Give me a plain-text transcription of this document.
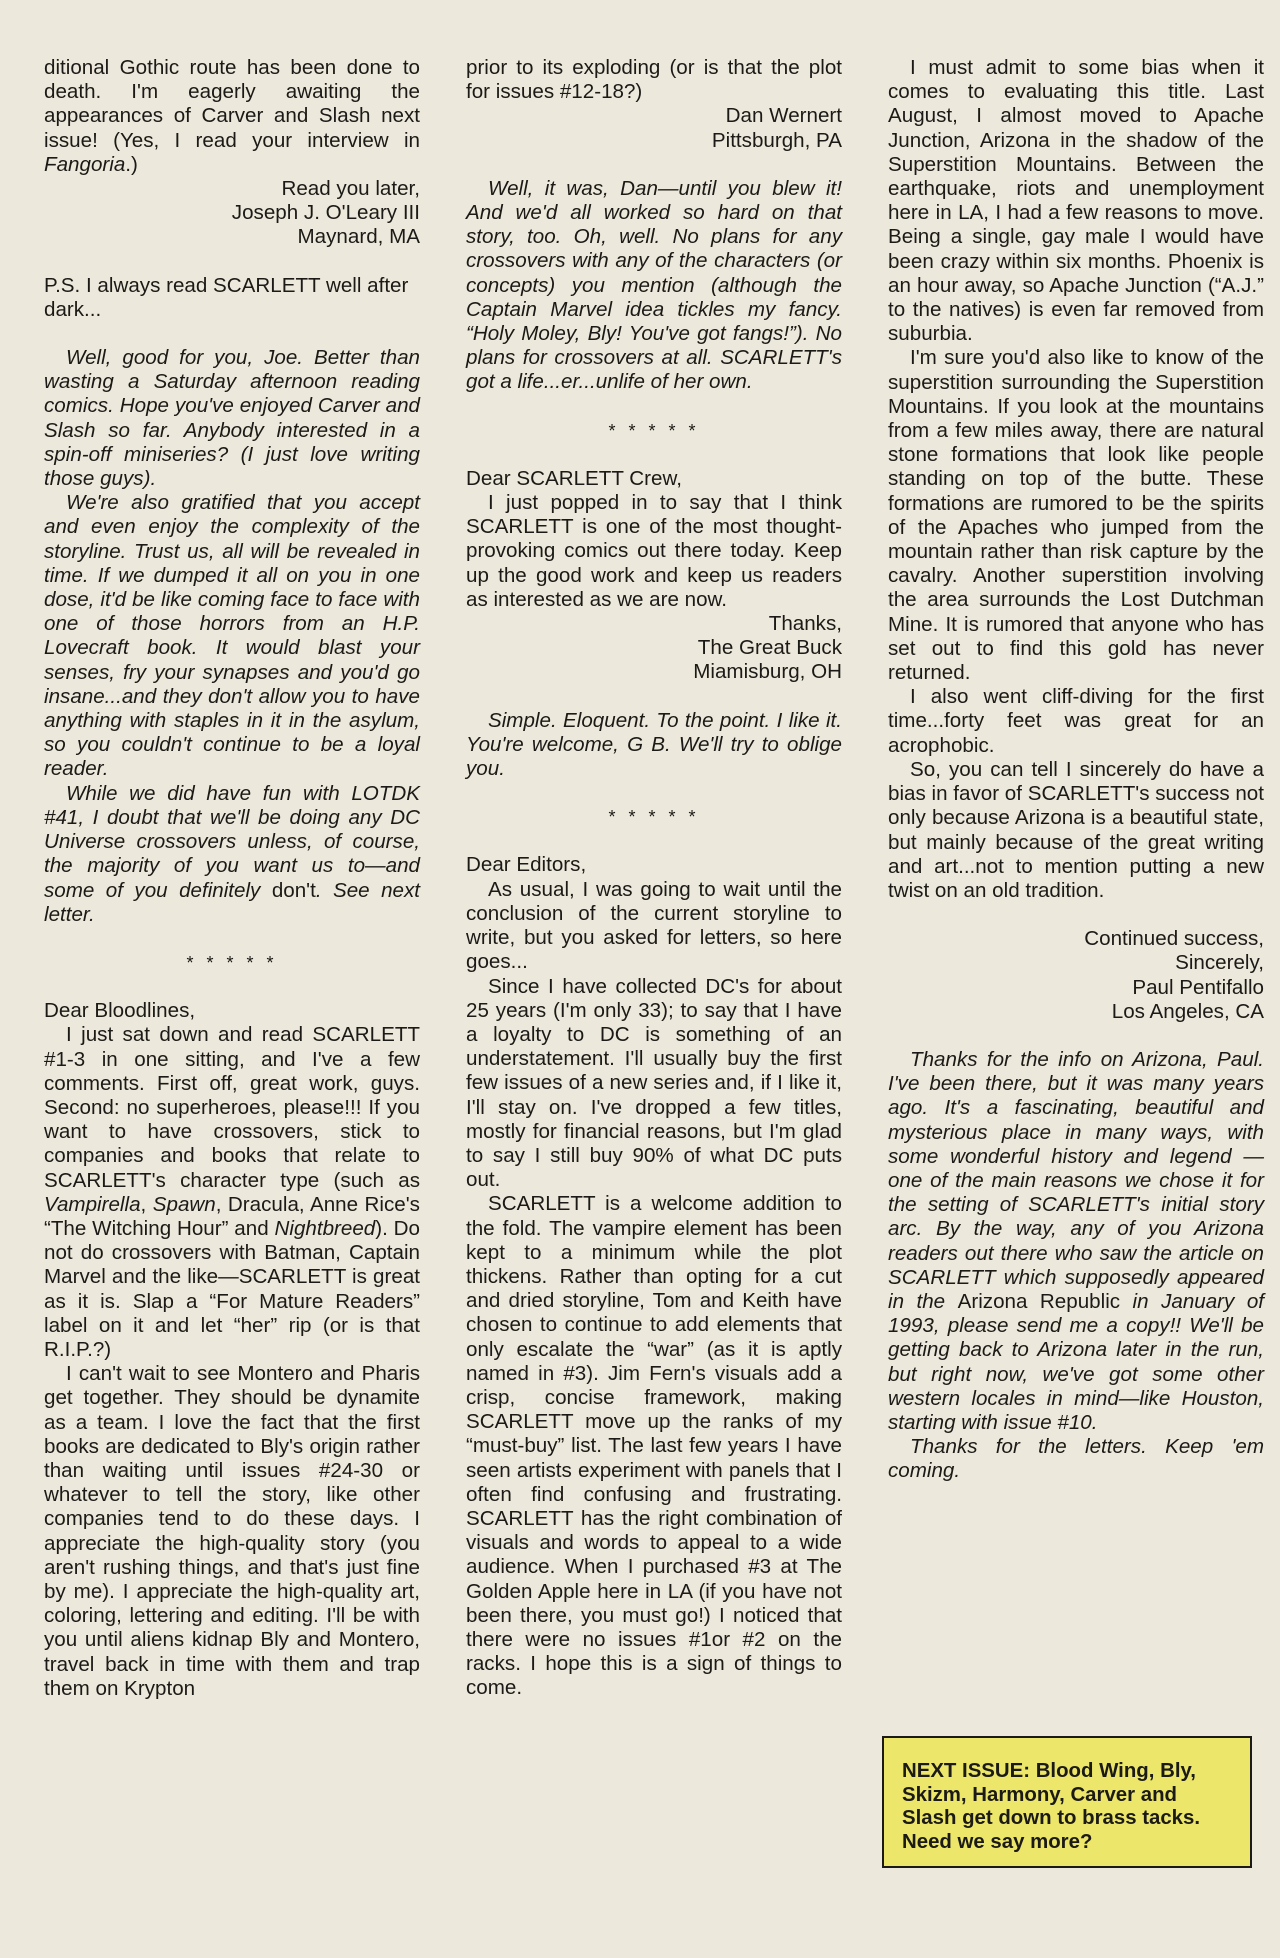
ditional Gothic route has been done to death. I'm eagerly awaiting the appearances of Carver and Slash next issue! (Yes, I read your interview in Fangoria.)

Read you later,
Joseph J. O'Leary III
Maynard, MA

P.S. I always read SCARLETT well after dark...

Well, good for you, Joe. Better than wasting a Saturday afternoon reading comics. Hope you've enjoyed Carver and Slash so far. Anybody interested in a spin-off miniseries? (I just love writing those guys).

We're also gratified that you accept and even enjoy the complexity of the storyline. Trust us, all will be revealed in time. If we dumped it all on you in one dose, it'd be like coming face to face with one of those horrors from an H.P. Lovecraft book. It would blast your senses, fry your synapses and you'd go insane...and they don't allow you to have anything with staples in it in the asylum, so you couldn't continue to be a loyal reader.

While we did have fun with LOTDK #41, I doubt that we'll be doing any DC Universe crossovers unless, of course, the majority of you want us to—and some of you definitely don't. See next letter.

* * * * *

Dear Bloodlines,

I just sat down and read SCARLETT #1-3 in one sitting, and I've a few comments. First off, great work, guys. Second: no superheroes, please!!! If you want to have crossovers, stick to companies and books that relate to SCARLETT's character type (such as Vampirella, Spawn, Dracula, Anne Rice's “The Witching Hour” and Nightbreed). Do not do crossovers with Batman, Captain Marvel and the like—SCARLETT is great as it is. Slap a “For Mature Readers” label on it and let “her” rip (or is that R.I.P.?)

I can't wait to see Montero and Pharis get together. They should be dynamite as a team. I love the fact that the first books are dedicated to Bly's origin rather than waiting until issues #24-30 or whatever to tell the story, like other companies tend to do these days. I appreciate the high-quality story (you aren't rushing things, and that's just fine by me). I appreciate the high-quality art, coloring, lettering and editing. I'll be with you until aliens kidnap Bly and Montero, travel back in time with them and trap them on Krypton

prior to its exploding (or is that the plot for issues #12-18?)

Dan Wernert
Pittsburgh, PA

Well, it was, Dan—until you blew it! And we'd all worked so hard on that story, too. Oh, well. No plans for any crossovers with any of the characters (or concepts) you mention (although the Captain Marvel idea tickles my fancy. “Holy Moley, Bly! You've got fangs!”). No plans for crossovers at all. SCARLETT's got a life...er...unlife of her own.

* * * * *

Dear SCARLETT Crew,

I just popped in to say that I think SCARLETT is one of the most thought-provoking comics out there today. Keep up the good work and keep us readers as interested as we are now.

Thanks,
The Great Buck
Miamisburg, OH

Simple. Eloquent. To the point. I like it. You're welcome, G B. We'll try to oblige you.

* * * * *

Dear Editors,

As usual, I was going to wait until the conclusion of the current storyline to write, but you asked for letters, so here goes...

Since I have collected DC's for about 25 years (I'm only 33); to say that I have a loyalty to DC is something of an understatement. I'll usually buy the first few issues of a new series and, if I like it, I'll stay on. I've dropped a few titles, mostly for financial reasons, but I'm glad to say I still buy 90% of what DC puts out.

SCARLETT is a welcome addition to the fold. The vampire element has been kept to a minimum while the plot thickens. Rather than opting for a cut and dried storyline, Tom and Keith have chosen to continue to add elements that only escalate the “war” (as it is aptly named in #3). Jim Fern's visuals add a crisp, concise framework, making SCARLETT move up the ranks of my “must-buy” list. The last few years I have seen artists experiment with panels that I often find confusing and frustrating. SCARLETT has the right combination of visuals and words to appeal to a wide audience. When I purchased #3 at The Golden Apple here in LA (if you have not been there, you must go!) I noticed that there were no issues #1or #2 on the racks. I hope this is a sign of things to come.

I must admit to some bias when it comes to evaluating this title. Last August, I almost moved to Apache Junction, Arizona in the shadow of the Superstition Mountains. Between the earthquake, riots and unemployment here in LA, I had a few reasons to move. Being a single, gay male I would have been crazy within six months. Phoenix is an hour away, so Apache Junction (“A.J.” to the natives) is even far removed from suburbia.

I'm sure you'd also like to know of the superstition surrounding the Superstition Mountains. If you look at the mountains from a few miles away, there are natural stone formations that look like people standing on top of the butte. These formations are rumored to be the spirits of the Apaches who jumped from the mountain rather than risk capture by the cavalry. Another superstition involving the area surrounds the Lost Dutchman Mine. It is rumored that anyone who has set out to find this gold has never returned.

I also went cliff-diving for the first time...forty feet was great for an acrophobic.

So, you can tell I sincerely do have a bias in favor of SCARLETT's success not only because Arizona is a beautiful state, but mainly because of the great writing and art...not to mention putting a new twist on an old tradition.

Continued success,
Sincerely,
Paul Pentifallo
Los Angeles, CA

Thanks for the info on Arizona, Paul. I've been there, but it was many years ago. It's a fascinating, beautiful and mysterious place in many ways, with some wonderful history and legend —one of the main reasons we chose it for the setting of SCARLETT's initial story arc. By the way, any of you Arizona readers out there who saw the article on SCARLETT which supposedly appeared in the Arizona Republic in January of 1993, please send me a copy!! We'll be getting back to Arizona later in the run, but right now, we've got some other western locales in mind—like Houston, starting with issue #10.

Thanks for the letters. Keep 'em coming.

NEXT ISSUE: Blood Wing, Bly, Skizm, Harmony, Carver and Slash get down to brass tacks. Need we say more?
